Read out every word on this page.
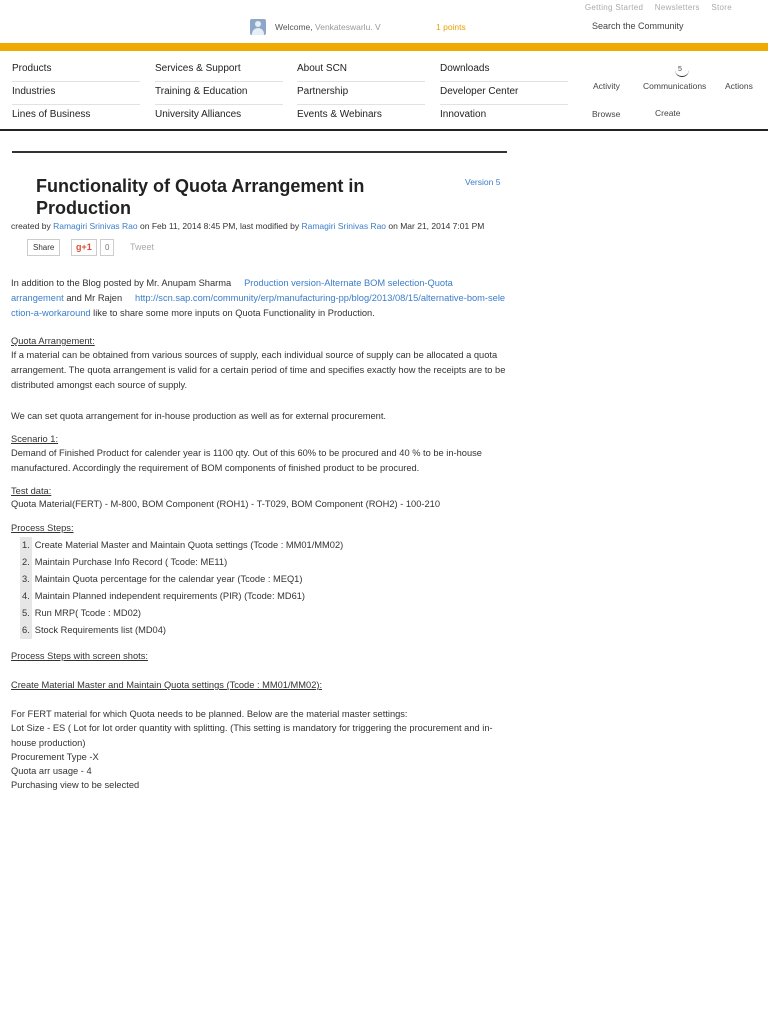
Getting Started Newsletters Store
Welcome, Venkateswarlu. V	1 points	Search the Community
Products
Industries
Lines of Business
Services & Support
Training & Education
University Alliances
About SCN
Partnership
Events & Webinars
Downloads
Developer Center
Innovation
Activity
5
Communications Actions
Browse	Create
Functionality of Quota Arrangement in Production
Version 5
created by Ramagiri Srinivas Rao on Feb 11, 2014 8:45 PM, last modified by Ramagiri Srinivas Rao on Mar 21, 2014 7:01 PM
Share	g+1	0	Tweet
In addition to the Blog posted by Mr. Anupam Sharma Production version-Alternate BOM selection-Quota arrangement and Mr Rajen http://scn.sap.com/community/erp/manufacturing-pp/blog/2013/08/15/alternative-bom-selection-a-workaround like to share some more inputs on Quota Functionality in Production.
Quota Arrangement:
If a material can be obtained from various sources of supply, each individual source of supply can be allocated a quota arrangement. The quota arrangement is valid for a certain period of time and specifies exactly how the receipts are to be distributed amongst each source of supply.
We can set quota arrangement for in-house production as well as for external procurement.
Scenario 1:
Demand of Finished Product for calender year is 1100 qty. Out of this 60% to be procured and 40 % to be in-house manufactured. Accordingly the requirement of BOM components of finished product to be procured.
Test data:
Quota Material(FERT) - M-800, BOM Component (ROH1) - T-T029, BOM Component (ROH2) - 100-210
Process Steps:
1. Create Material Master and Maintain Quota settings (Tcode : MM01/MM02)
2. Maintain Purchase Info Record ( Tcode: ME11)
3. Maintain Quota percentage for the calendar year (Tcode : MEQ1)
4. Maintain Planned independent requirements (PIR) (Tcode: MD61)
5. Run MRP( Tcode : MD02)
6. Stock Requirements list (MD04)
Process Steps with screen shots:
Create Material Master and Maintain Quota settings (Tcode : MM01/MM02):
For FERT material for which Quota needs to be planned. Below are the material master settings:
Lot Size - ES ( Lot for lot order quantity with splitting. (This setting is mandatory for triggering the procurement and in-house production)
Procurement Type -X
Quota arr usage - 4
Purchasing view to be selected
